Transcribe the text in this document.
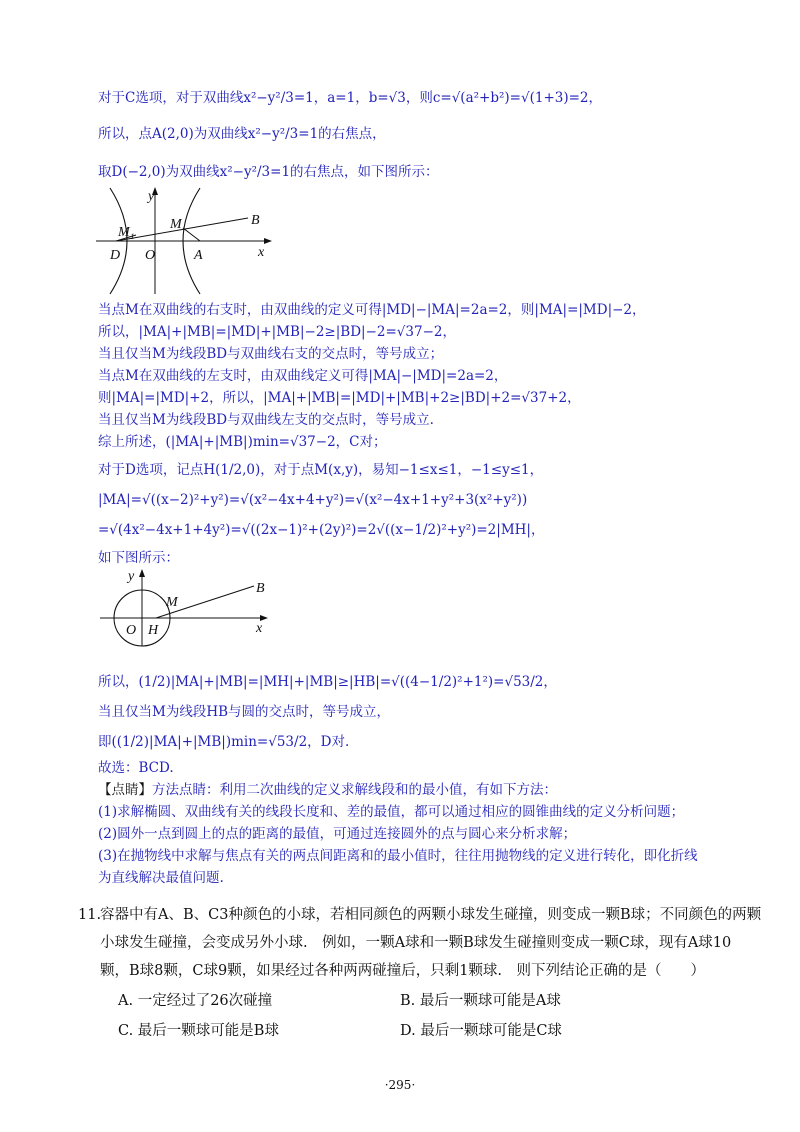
对于C选项，对于双曲线x²−y²/3=1，a=1，b=√3，则c=√(a²+b²)=√(1+3)=2，
所以，点A(2,0)为双曲线x²−y²/3=1的右焦点，
取D(−2,0)为双曲线x²−y²/3=1的右焦点，如下图所示：
y
M₁
M	B
D O	A	x
当点M在双曲线的右支时，由双曲线的定义可得|MD|−|MA|=2a=2，则|MA|=|MD|−2，
所以，|MA|+|MB|=|MD|+|MB|−2≥|BD|−2=√37−2，
当且仅当M为线段BD与双曲线右支的交点时，等号成立；
当点M在双曲线的左支时，由双曲线定义可得|MA|−|MD|=2a=2，
则|MA|=|MD|+2，所以，|MA|+|MB|=|MD|+|MB|+2≥|BD|+2=√37+2，
当且仅当M为线段BD与双曲线左支的交点时，等号成立.
综上所述，(|MA|+|MB|)min=√37−2，C对；
对于D选项，记点H(1/2,0)，对于点M(x,y)，易知−1≤x≤1，−1≤y≤1，
|MA|=√((x−2)²+y²)=√(x²−4x+4+y²)=√(x²−4x+1+y²+3(x²+y²))
=√(4x²−4x+1+4y²)=√((2x−1)²+(2y)²)=2√((x−1/2)²+y²)=2|MH|，
如下图所示：
y
M
B
O H	x
所以，(1/2)|MA|+|MB|=|MH|+|MB|≥|HB|=√((4−1/2)²+1²)=√53/2，
当且仅当M为线段HB与圆的交点时，等号成立，
即((1/2)|MA|+|MB|)min=√53/2，D对.
故选：BCD.
【点睛】方法点睛：利用二次曲线的定义求解线段和的最小值，有如下方法：
(1)求解椭圆、双曲线有关的线段长度和、差的最值，都可以通过相应的圆锥曲线的定义分析问题；
(2)圆外一点到圆上的点的距离的最值，可通过连接圆外的点与圆心来分析求解；
(3)在抛物线中求解与焦点有关的两点间距离和的最小值时，往往用抛物线的定义进行转化，即化折线
为直线解决最值问题.
11.
容器中有A、B、C3种颜色的小球，若相同颜色的两颗小球发生碰撞，则变成一颗B球；不同颜色的两颗
小球发生碰撞，会变成另外小球.　例如，一颗A球和一颗B球发生碰撞则变成一颗C球，现有A球10
颗，B球8颗，C球9颗，如果经过各种两两碰撞后，只剩1颗球.　则下列结论正确的是（　　）
A. 一定经过了26次碰撞	B. 最后一颗球可能是A球
C. 最后一颗球可能是B球	D. 最后一颗球可能是C球
·295·
